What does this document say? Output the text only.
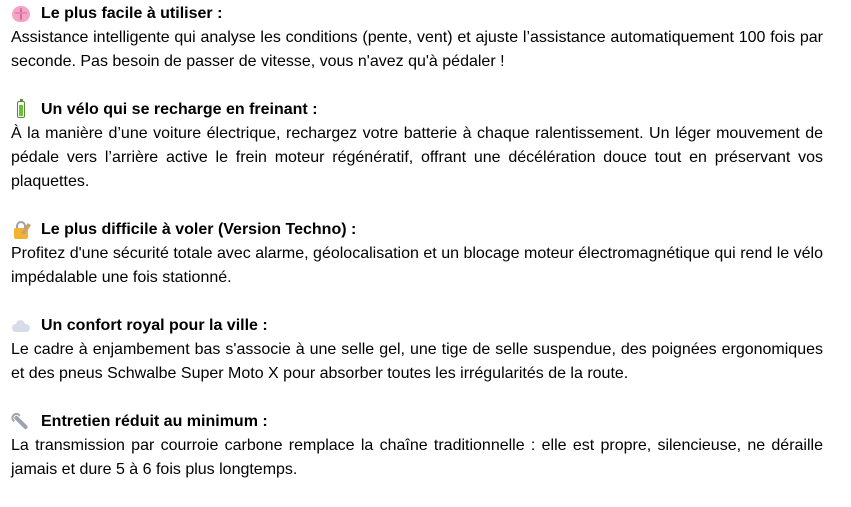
Le plus facile à utiliser :

Assistance intelligente qui analyse les conditions (pente, vent) et ajuste l’assistance automatiquement 100 fois par seconde. Pas besoin de passer de vitesse, vous n'avez qu'à pédaler !

Un vélo qui se recharge en freinant :

À la manière d’une voiture électrique, rechargez votre batterie à chaque ralentissement. Un léger mouvement de pédale vers l’arrière active le frein moteur régénératif, offrant une décélération douce tout en préservant vos plaquettes.

Le plus difficile à voler (Version Techno) :

Profitez d'une sécurité totale avec alarme, géolocalisation et un blocage moteur électromagnétique qui rend le vélo impédalable une fois stationné.

Un confort royal pour la ville :

Le cadre à enjambement bas s'associe à une selle gel, une tige de selle suspendue, des poignées ergonomiques et des pneus Schwalbe Super Moto X pour absorber toutes les irrégularités de la route.

Entretien réduit au minimum :

La transmission par courroie carbone remplace la chaîne traditionnelle : elle est propre, silencieuse, ne déraille jamais et dure 5 à 6 fois plus longtemps.
